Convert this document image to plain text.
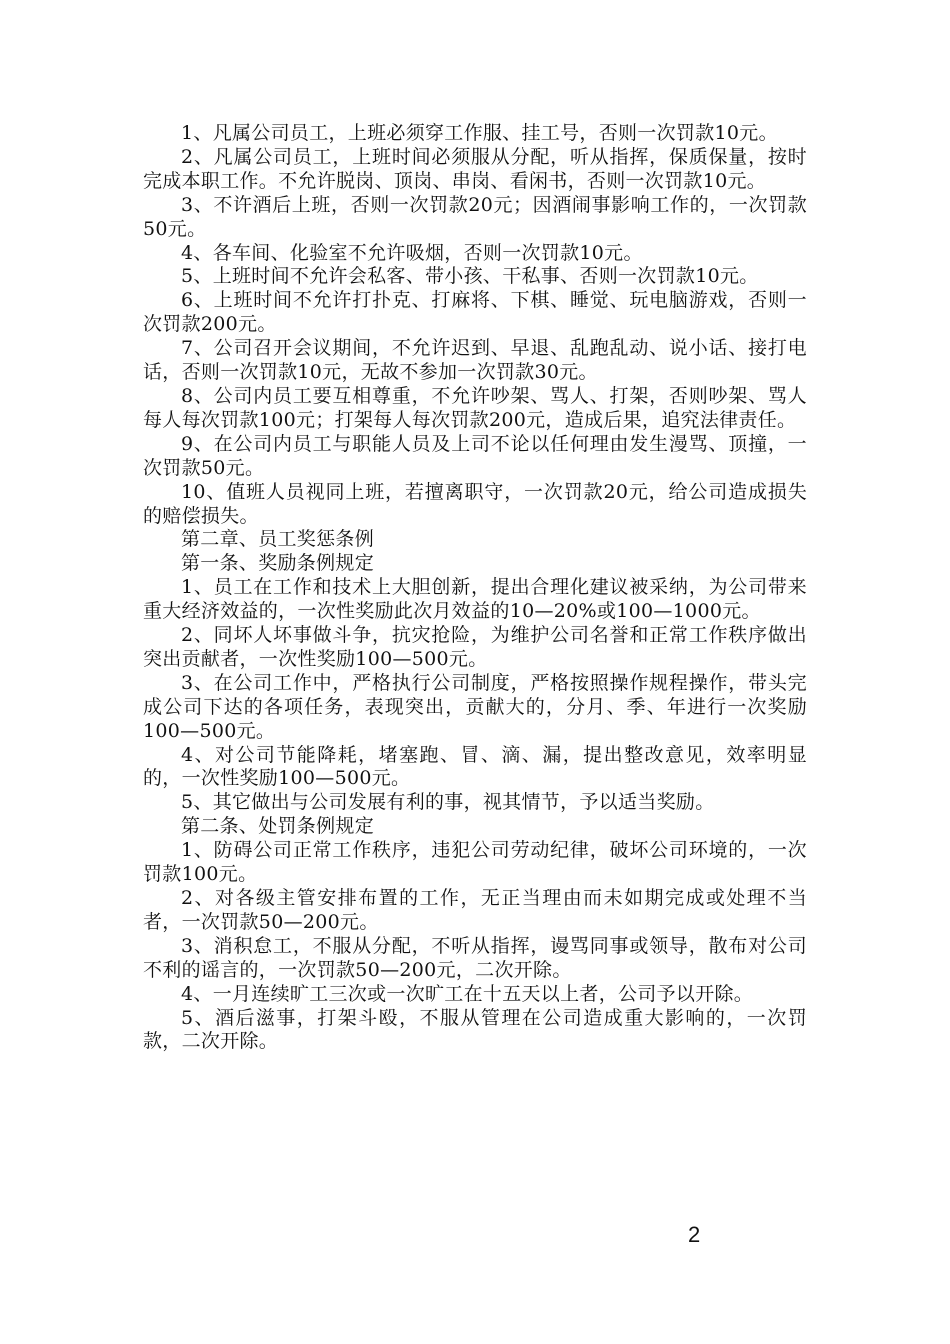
1、凡属公司员工，上班必须穿工作服、挂工号，否则一次罚款10元。

2、凡属公司员工，上班时间必须服从分配，听从指挥，保质保量，按时完成本职工作。不允许脱岗、顶岗、串岗、看闲书，否则一次罚款10元。

3、不许酒后上班，否则一次罚款20元；因酒闹事影响工作的，一次罚款50元。

4、各车间、化验室不允许吸烟，否则一次罚款10元。

5、上班时间不允许会私客、带小孩、干私事、否则一次罚款10元。

6、上班时间不允许打扑克、打麻将、下棋、睡觉、玩电脑游戏，否则一次罚款200元。

7、公司召开会议期间，不允许迟到、早退、乱跑乱动、说小话、接打电话，否则一次罚款10元，无故不参加一次罚款30元。

8、公司内员工要互相尊重，不允许吵架、骂人、打架，否则吵架、骂人每人每次罚款100元；打架每人每次罚款200元，造成后果，追究法律责任。

9、在公司内员工与职能人员及上司不论以任何理由发生漫骂、顶撞，一次罚款50元。

10、值班人员视同上班，若擅离职守，一次罚款20元，给公司造成损失的赔偿损失。

第二章、员工奖惩条例

第一条、奖励条例规定

1、员工在工作和技术上大胆创新，提出合理化建议被采纳，为公司带来重大经济效益的，一次性奖励此次月效益的10—20%或100—1000元。

2、同坏人坏事做斗争，抗灾抢险，为维护公司名誉和正常工作秩序做出突出贡献者，一次性奖励100—500元。

3、在公司工作中，严格执行公司制度，严格按照操作规程操作，带头完成公司下达的各项任务，表现突出，贡献大的，分月、季、年进行一次奖励100—500元。

4、对公司节能降耗，堵塞跑、冒、滴、漏，提出整改意见，效率明显的，一次性奖励100—500元。

5、其它做出与公司发展有利的事，视其情节，予以适当奖励。

第二条、处罚条例规定

1、防碍公司正常工作秩序，违犯公司劳动纪律，破坏公司环境的，一次罚款100元。

2、对各级主管安排布置的工作，无正当理由而未如期完成或处理不当者，一次罚款50—200元。

3、消积怠工，不服从分配，不听从指挥，谩骂同事或领导，散布对公司不利的谣言的，一次罚款50—200元，二次开除。

4、一月连续旷工三次或一次旷工在十五天以上者，公司予以开除。

5、酒后滋事，打架斗殴，不服从管理在公司造成重大影响的，一次罚款，二次开除。

2
